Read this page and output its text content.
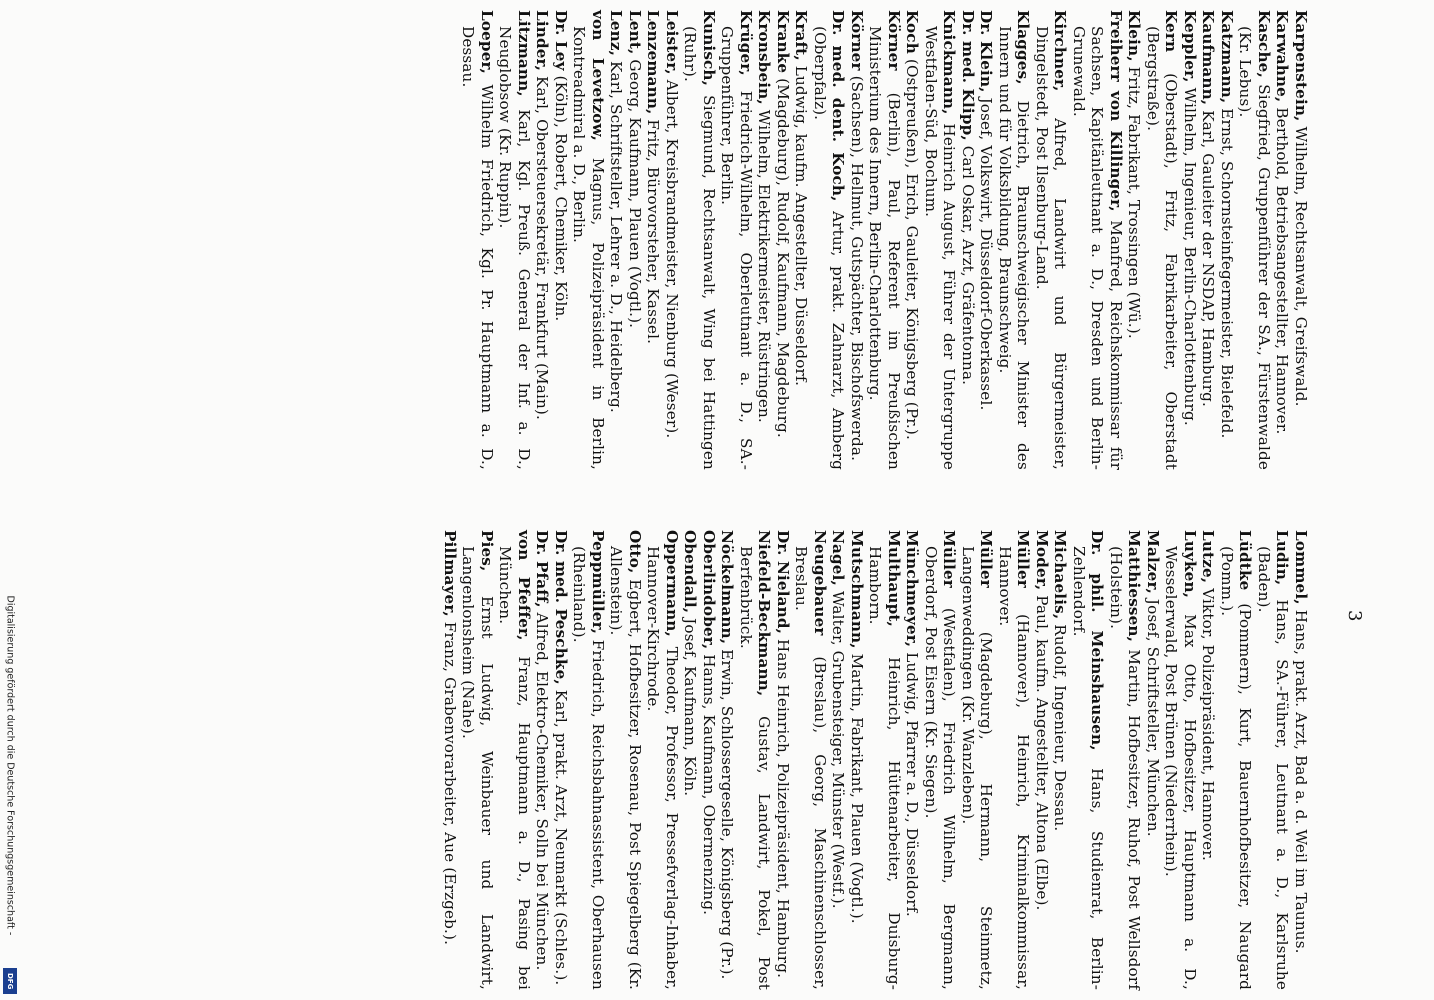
3

Karpenstein, Wilhelm, Rechtsanwalt, Greifswald.

Karwahne, Berthold, Betriebsangestellter, Hannover.

Kasche, Siegfried, Gruppenführer der SA., Fürstenwalde (Kr. Lebus).

Katzmann, Ernst, Schornsteinfegermeister, Bielefeld.

Kaufmann, Karl, Gauleiter der NSDAP, Hamburg.

Keppler, Wilhelm, Ingenieur, Berlin-Charlottenburg.

Kern (Oberstadt), Fritz, Fabrikarbeiter, Oberstadt (Bergstraße).

Klein, Fritz, Fabrikant, Trossingen (Wü.).

Freiherr von Killinger, Manfred, Reichskommissar für Sachsen, Kapitänleutnant a. D., Dresden und Berlin-Grunewald.

Kirchner, Alfred, Landwirt und Bürgermeister, Dingelstedt, Post Ilsenburg-Land.

Klagges, Dietrich, Braunschweigischer Minister des Innern und für Volksbildung, Braunschweig.

Dr. Klein, Josef, Volkswirt, Düsseldorf-Oberkassel.

Dr. med. Klipp, Carl Oskar, Arzt, Gräfentonna.

Knickmann, Heinrich August, Führer der Untergruppe Westfalen-Süd, Bochum.

Koch (Ostpreußen), Erich, Gauleiter, Königsberg (Pr.).

Körner (Berlin), Paul, Referent im Preußischen Ministerium des Innern, Berlin-Charlottenburg.

Körner (Sachsen), Hellmut, Gutspächter, Bischofswerda.

Dr. med. dent. Koch, Artur, prakt. Zahnarzt, Amberg (Oberpfalz).

Kraft, Ludwig, kaufm. Angestellter, Düsseldorf.

Kranke (Magdeburg), Rudolf, Kaufmann, Magdeburg.

Kronsbein, Wilhelm, Elektrikermeister, Rüstringen.

Krüger, Friedrich-Wilhelm, Oberleutnant a. D., SA.-Gruppenführer, Berlin.

Kunisch, Siegmund, Rechtsanwalt, Wing bei Hattingen (Ruhr).

Leister, Albert, Kreisbrandmeister, Nienburg (Weser).

Lenzemann, Fritz, Bürovorsteher, Kassel.

Lent, Georg, Kaufmann, Plauen (Vogtl.).

Lenz, Karl, Schriftsteller, Lehrer a. D., Heidelberg.

von Levetzow, Magnus, Polizeipräsident in Berlin, Kontreadmiral a. D., Berlin.

Dr. Ley (Köln), Robert, Chemiker, Köln.

Linder, Karl, Obersteuersekretär, Frankfurt (Main).

Litzmann, Karl, Kgl. Preuß. General der Inf. a. D., Neuglobsow (Kr. Ruppin).

Loeper, Wilhelm Friedrich, Kgl. Pr. Hauptmann a. D., Dessau.

Lommel, Hans, prakt. Arzt, Bad a. d. Weil im Taunus.

Ludin, Hans, SA.-Führer, Leutnant a. D., Karlsruhe (Baden).

Lüdtke (Pommern), Kurt, Bauernhofbesitzer, Naugard (Pomm.).

Lutze, Viktor, Polizeipräsident, Hannover.

Luyken, Max Otto, Hofbesitzer, Hauptmann a. D., Wesselerwald, Post Brünen (Niederrhein).

Malzer, Josef, Schriftsteller, München.

Matthiessen, Martin, Hofbesitzer, Ruhof, Post Wellsdorf (Holstein).

Dr. phil. Meinshausen, Hans, Studienrat, Berlin-Zehlendorf.

Michaelis, Rudolf, Ingenieur, Dessau.

Moder, Paul, kaufm. Angestellter, Altona (Elbe).

Müller (Hannover), Heinrich, Kriminalkommissar, Hannover.

Müller (Magdeburg), Hermann, Steinmetz, Langenweddingen (Kr. Wanzleben).

Müller (Westfalen), Friedrich Wilhelm, Bergmann, Oberdorf, Post Eisern (Kr. Siegen).

Münchmeyer, Ludwig, Pfarrer a. D., Düsseldorf.

Multhaupt, Heinrich, Hüttenarbeiter, Duisburg-Hamborn.

Mutschmann, Martin, Fabrikant, Plauen (Vogtl.).

Nagel, Walter, Grubensteiger, Münster (Westf.).

Neugebauer (Breslau), Georg, Maschinenschlosser, Breslau.

Dr. Nieland, Hans Heinrich, Polizeipräsident, Hamburg.

Niefeld-Beckmann, Gustav, Landwirt, Pokel, Post Berfenbrück.

Nöckelmann, Erwin, Schlossergeselle, Königsberg (Pr.).

Oberlindober, Hanns, Kaufmann, Obermenzing.

Obendall, Josef, Kaufmann, Köln.

Oppermann, Theodor, Professor, Pressefverlag-Inhaber, Hannover-Kirchrode.

Otto, Egbert, Hofbesitzer, Rosenau, Post Spiegelberg (Kr. Allenstein).

Peppmüller, Friedrich, Reichsbahnassistent, Oberhausen (Rheinland).

Dr. med. Peschke, Karl, prakt. Arzt, Neumarkt (Schles.).

Dr. Pfaff, Alfred, Elektro-Chemiker, Solln bei München.

von Pfeffer, Franz, Hauptmann a. D., Pasing bei München.

Pies, Ernst Ludwig, Weinbauer und Landwirt, Langenlonsheim (Nahe).

Pillmayer, Franz, Grabenvorarbeiter, Aue (Erzgeb.).

Digitalisierung gefördert durch die Deutsche Forschungsgemeinschaft -
DFG
